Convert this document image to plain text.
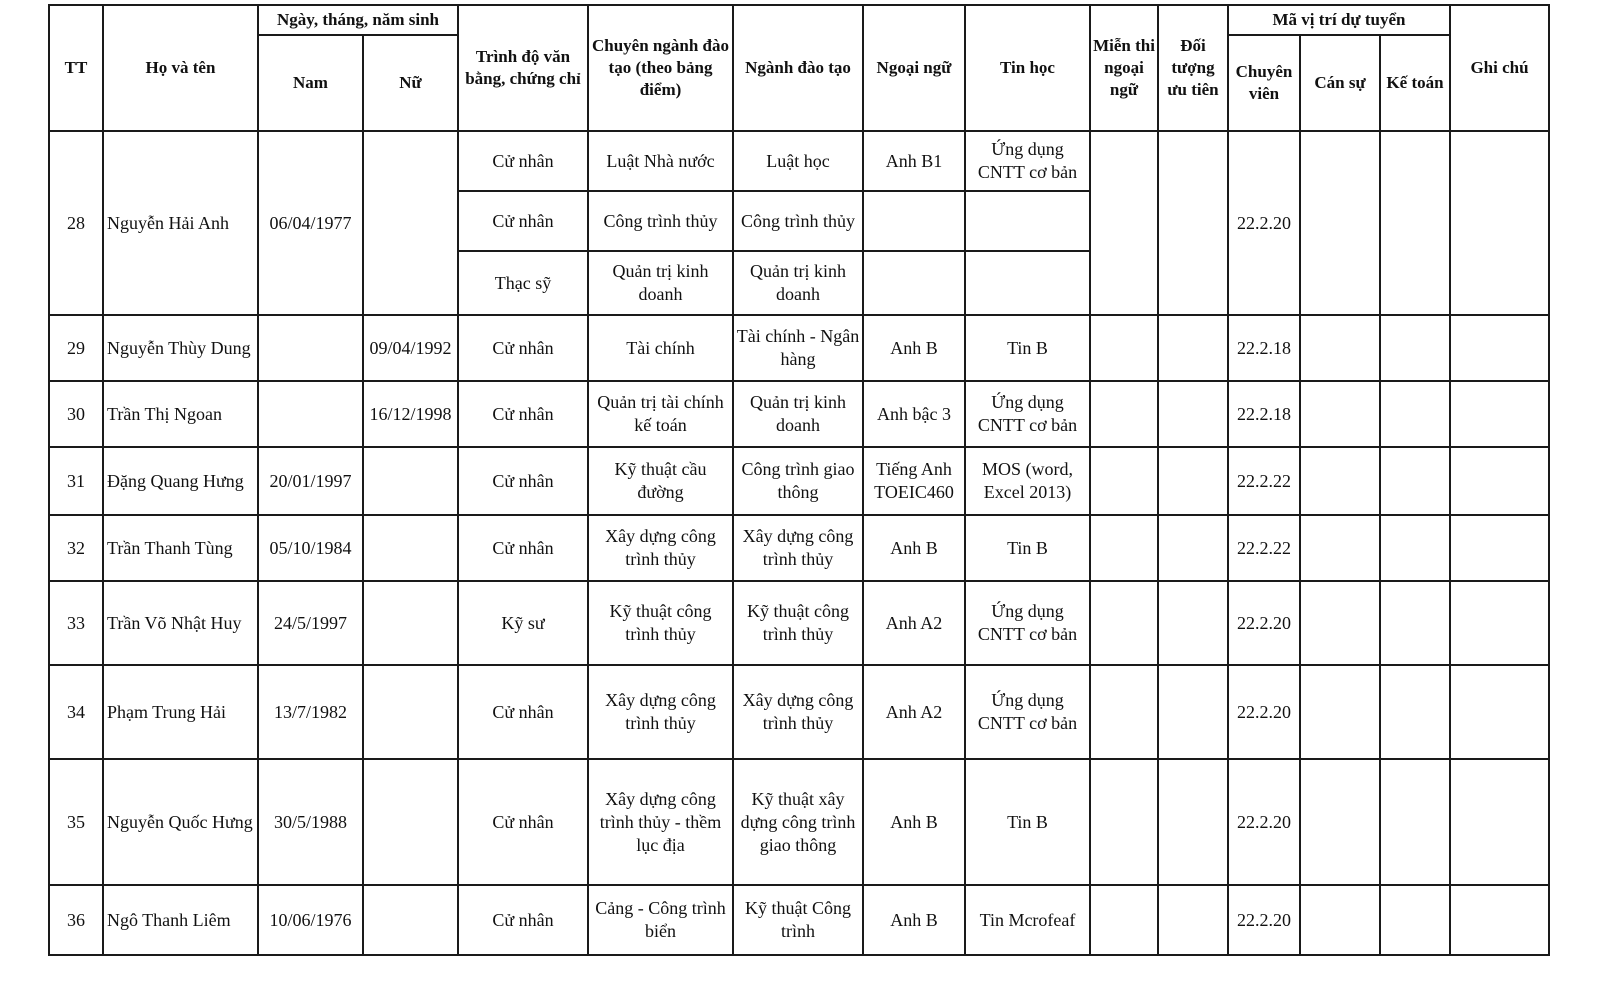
TT	Họ và tên	Ngày, tháng, năm sinh		Trình độ văn bằng, chứng chỉ	Chuyên ngành đào tạo (theo bảng điểm)	Ngành đào tạo	Ngoại ngữ	Tin học	Miễn thi ngoại ngữ	Đối tượng ưu tiên	Mã vị trí dự tuyển			Ghi chú
		Nam	Nữ								Chuyên viên	Cán sự	Kế toán	
28	Nguyễn Hải Anh	06/04/1977		Cử nhân	Luật Nhà nước	Luật học	Anh B1	Ứng dụng CNTT cơ bản			22.2.20			
				Cử nhân	Công trình thủy	Công trình thủy								
				Thạc sỹ	Quản trị kinh doanh	Quản trị kinh doanh								
29	Nguyễn Thùy Dung		09/04/1992	Cử nhân	Tài chính	Tài chính - Ngân hàng	Anh B	Tin B			22.2.18			
30	Trần Thị Ngoan		16/12/1998	Cử nhân	Quản trị tài chính kế toán	Quản trị kinh doanh	Anh bậc 3	Ứng dụng CNTT cơ bản			22.2.18			
31	Đặng Quang Hưng	20/01/1997		Cử nhân	Kỹ thuật cầu đường	Công trình giao thông	Tiếng Anh TOEIC460	MOS (word, Excel 2013)			22.2.22			
32	Trần Thanh Tùng	05/10/1984		Cử nhân	Xây dựng công trình thủy	Xây dựng công trình thủy	Anh B	Tin B			22.2.22			
33	Trần Võ Nhật Huy	24/5/1997		Kỹ sư	Kỹ thuật công trình thủy	Kỹ thuật công trình thủy	Anh A2	Ứng dụng CNTT cơ bản			22.2.20			
34	Phạm Trung Hải	13/7/1982		Cử nhân	Xây dựng công trình thủy	Xây dựng công trình thủy	Anh A2	Ứng dụng CNTT cơ bản			22.2.20			
35	Nguyễn Quốc Hưng	30/5/1988		Cử nhân	Xây dựng công trình thủy - thềm lục địa	Kỹ thuật xây dựng công trình giao thông	Anh B	Tin B			22.2.20			
36	Ngô Thanh Liêm	10/06/1976		Cử nhân	Cảng - Công trình biển	Kỹ thuật Công trình	Anh B	Tin Mcrofeaf			22.2.20			
